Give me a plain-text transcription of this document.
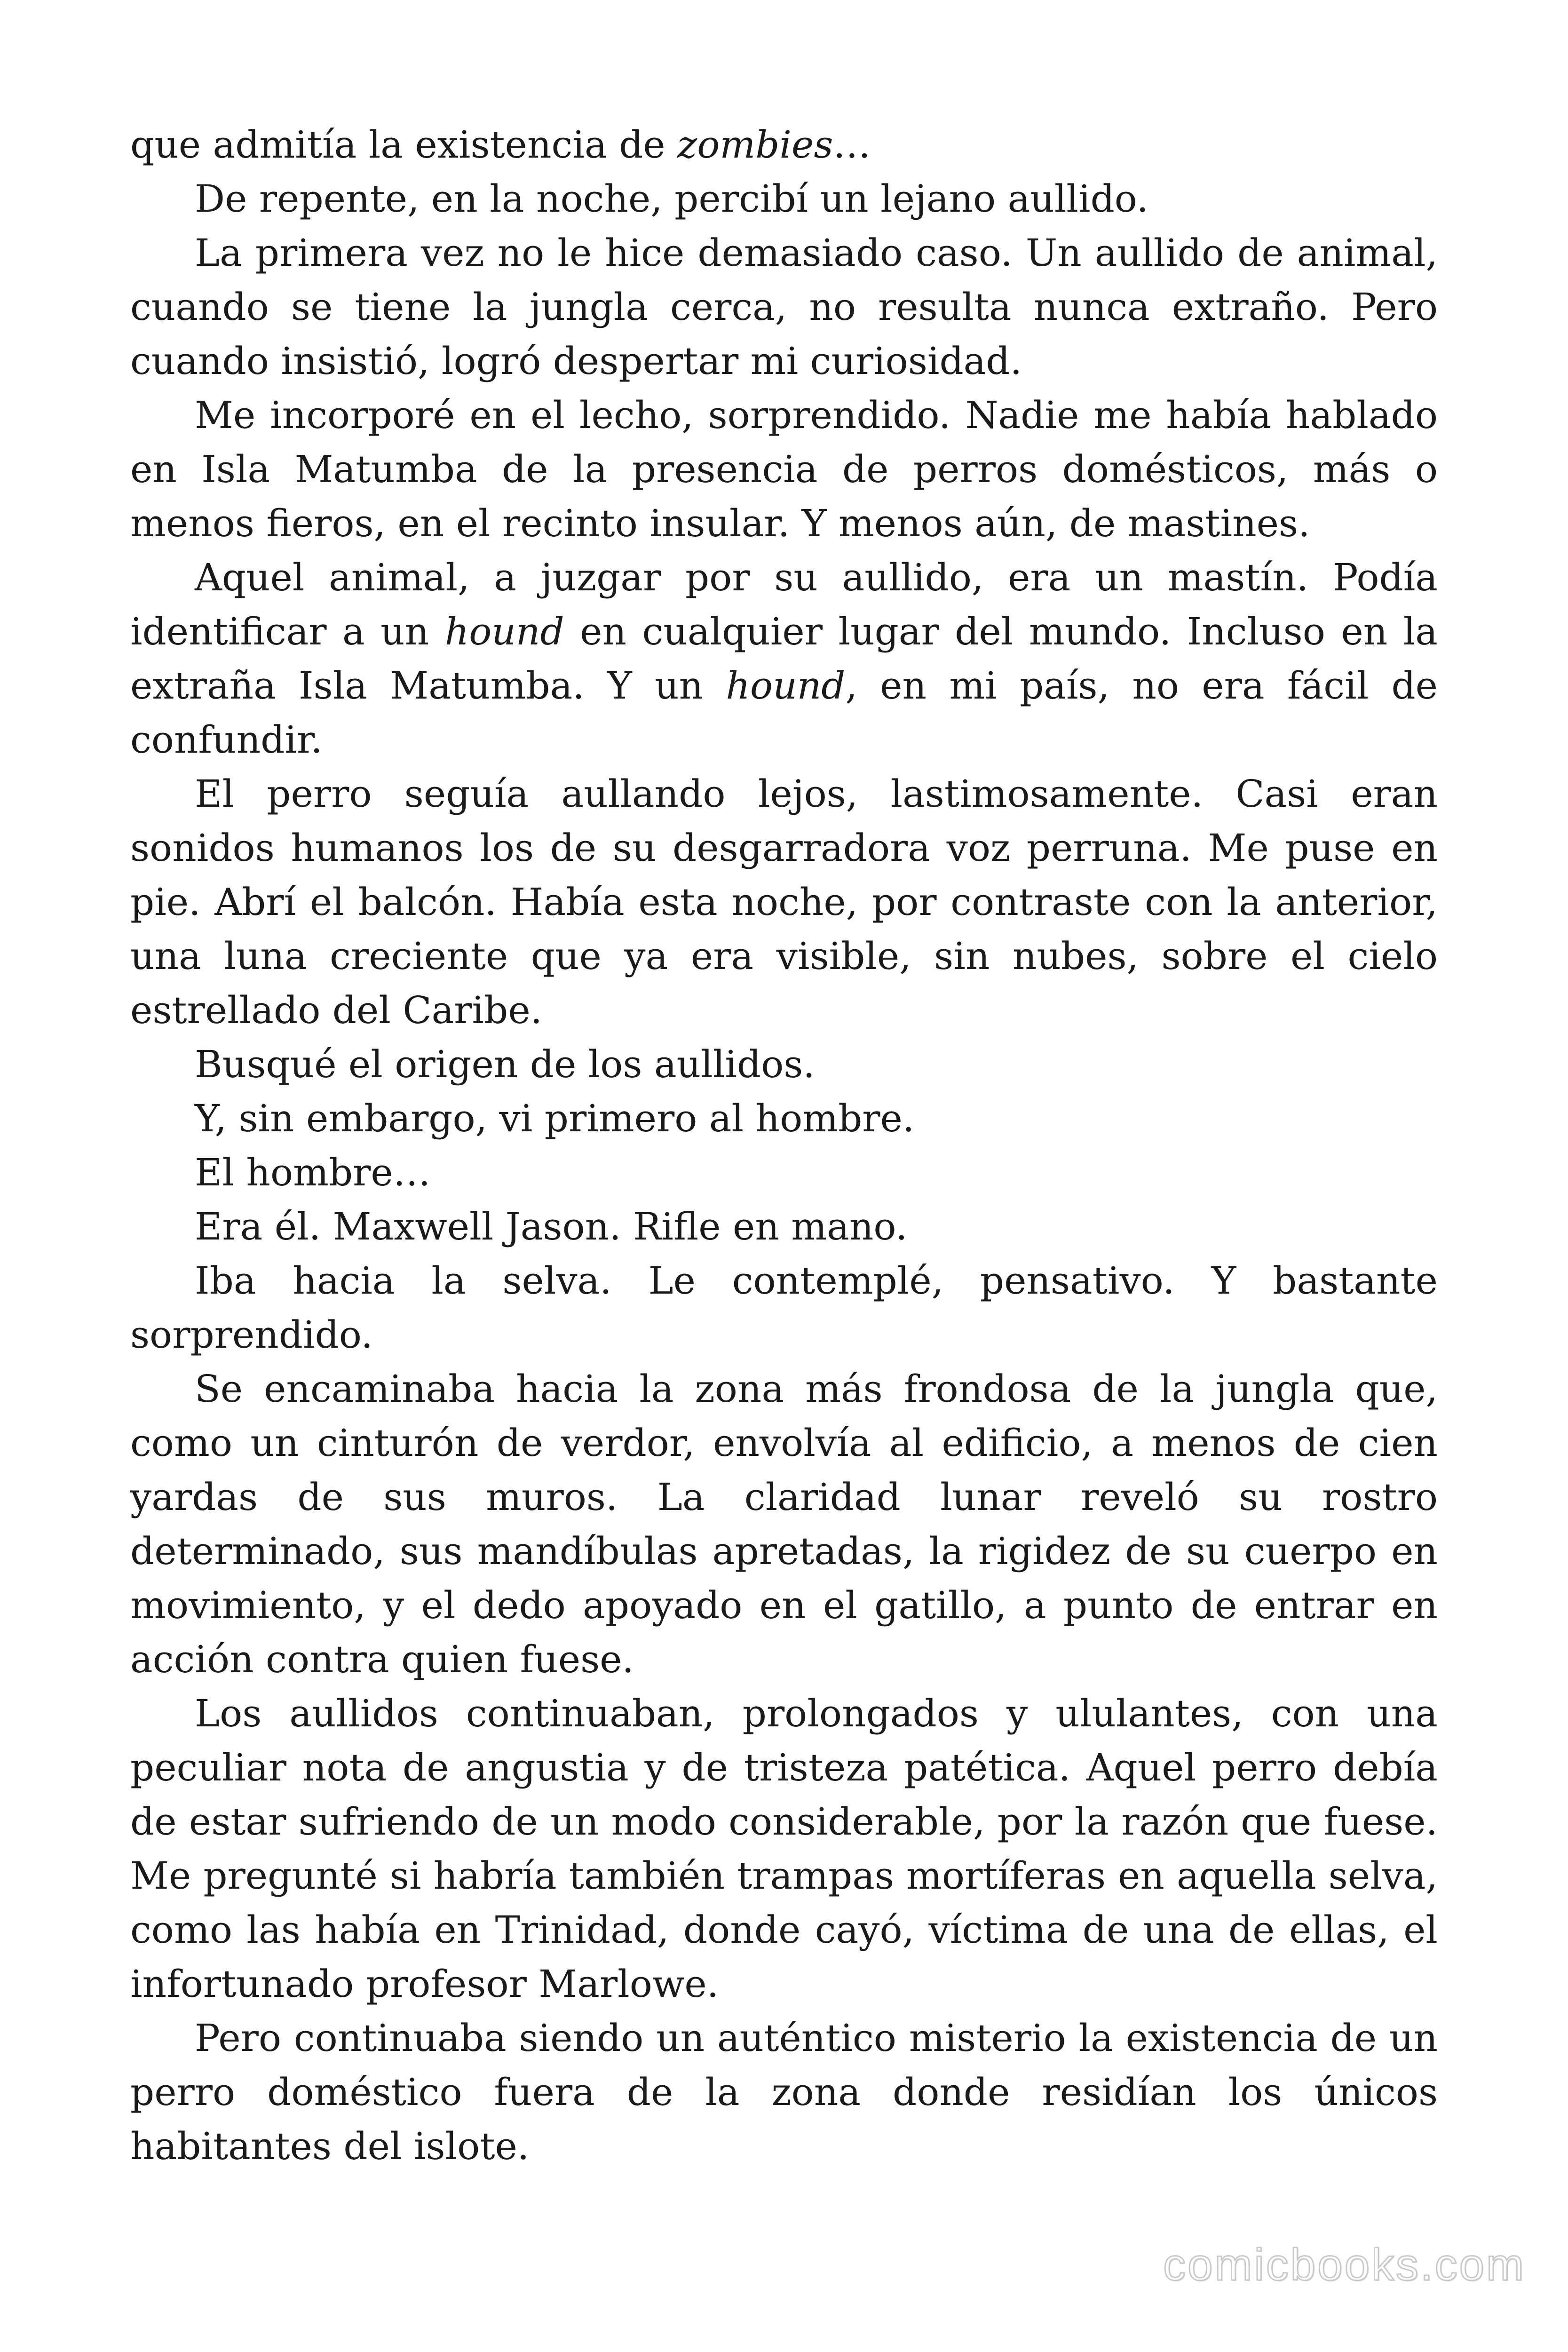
que admitía la existencia de zombies…

De repente, en la noche, percibí un lejano aullido.

La primera vez no le hice demasiado caso. Un aullido de animal, cuando se tiene la jungla cerca, no resulta nunca extraño. Pero cuando insistió, logró despertar mi curiosidad.

Me incorporé en el lecho, sorprendido. Nadie me había hablado en Isla Matumba de la presencia de perros domésticos, más o menos fieros, en el recinto insular. Y menos aún, de mastines.

Aquel animal, a juzgar por su aullido, era un mastín. Podía identificar a un hound en cualquier lugar del mundo. Incluso en la extraña Isla Matumba. Y un hound, en mi país, no era fácil de confundir.

El perro seguía aullando lejos, lastimosamente. Casi eran sonidos humanos los de su desgarradora voz perruna. Me puse en pie. Abrí el balcón. Había esta noche, por contraste con la anterior, una luna creciente que ya era visible, sin nubes, sobre el cielo estrellado del Caribe.

Busqué el origen de los aullidos.

Y, sin embargo, vi primero al hombre.

El hombre…

Era él. Maxwell Jason. Rifle en mano.

Iba hacia la selva. Le contemplé, pensativo. Y bastante sorprendido.

Se encaminaba hacia la zona más frondosa de la jungla que, como un cinturón de verdor, envolvía al edificio, a menos de cien yardas de sus muros. La claridad lunar reveló su rostro determinado, sus mandíbulas apretadas, la rigidez de su cuerpo en movimiento, y el dedo apoyado en el gatillo, a punto de entrar en acción contra quien fuese.

Los aullidos continuaban, prolongados y ululantes, con una peculiar nota de angustia y de tristeza patética. Aquel perro debía de estar sufriendo de un modo considerable, por la razón que fuese. Me pregunté si habría también trampas mortíferas en aquella selva, como las había en Trinidad, donde cayó, víctima de una de ellas, el infortunado profesor Marlowe.

Pero continuaba siendo un auténtico misterio la existencia de un perro doméstico fuera de la zona donde residían los únicos habitantes del islote.

comicbooks.com
